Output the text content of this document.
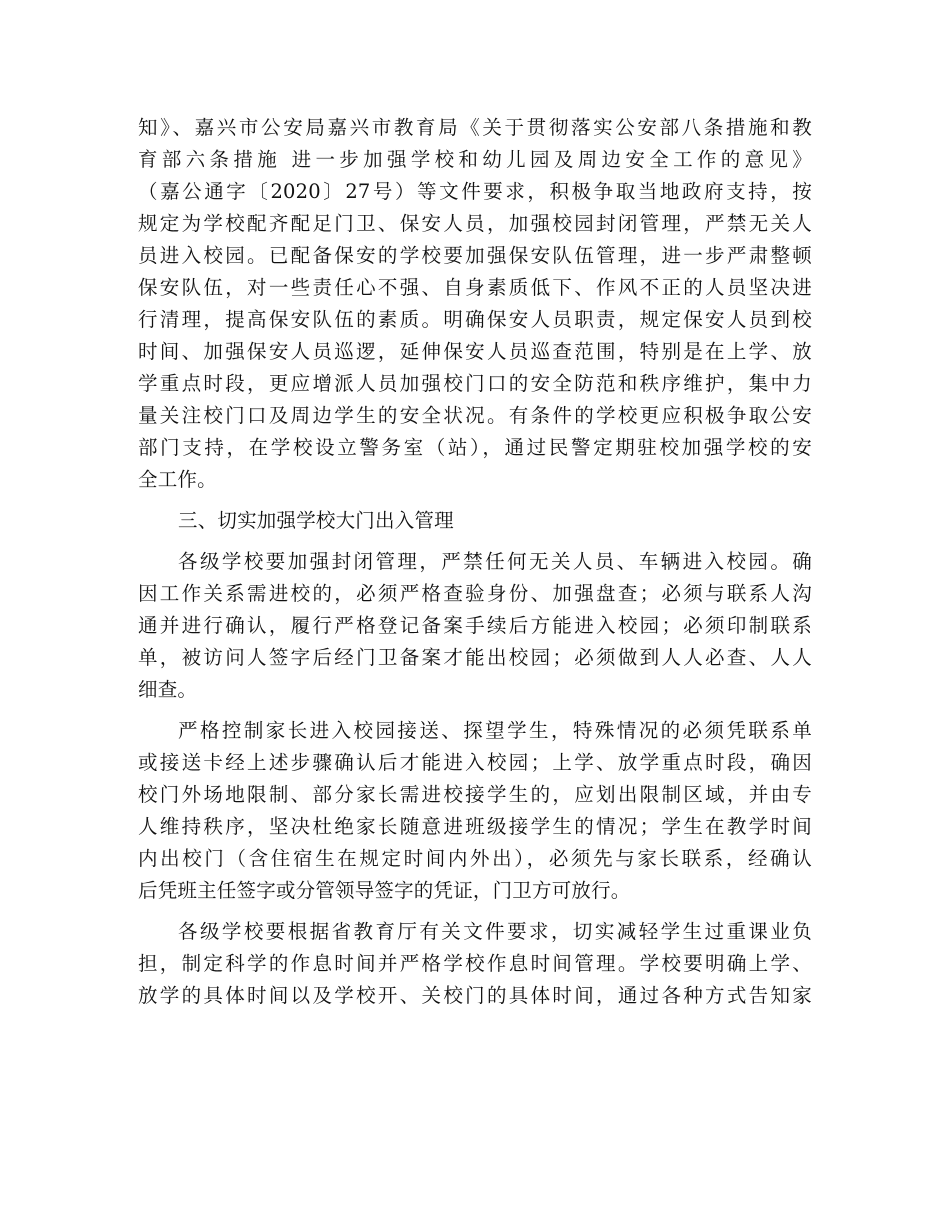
知》、嘉兴市公安局嘉兴市教育局《关于贯彻落实公安部八条措施和教
育部六条措施 进一步加强学校和幼儿园及周边安全工作的意见》
（嘉公通字〔2020〕27号）等文件要求，积极争取当地政府支持，按
规定为学校配齐配足门卫、保安人员，加强校园封闭管理，严禁无关人
员进入校园。已配备保安的学校要加强保安队伍管理，进一步严肃整顿
保安队伍，对一些责任心不强、自身素质低下、作风不正的人员坚决进
行清理，提高保安队伍的素质。明确保安人员职责，规定保安人员到校
时间、加强保安人员巡逻，延伸保安人员巡查范围，特别是在上学、放
学重点时段，更应增派人员加强校门口的安全防范和秩序维护，集中力
量关注校门口及周边学生的安全状况。有条件的学校更应积极争取公安
部门支持，在学校设立警务室（站），通过民警定期驻校加强学校的安
全工作。
三、切实加强学校大门出入管理
各级学校要加强封闭管理，严禁任何无关人员、车辆进入校园。确
因工作关系需进校的，必须严格查验身份、加强盘查；必须与联系人沟
通并进行确认，履行严格登记备案手续后方能进入校园；必须印制联系
单，被访问人签字后经门卫备案才能出校园；必须做到人人必查、人人
细查。
严格控制家长进入校园接送、探望学生，特殊情况的必须凭联系单
或接送卡经上述步骤确认后才能进入校园；上学、放学重点时段，确因
校门外场地限制、部分家长需进校接学生的，应划出限制区域，并由专
人维持秩序，坚决杜绝家长随意进班级接学生的情况；学生在教学时间
内出校门（含住宿生在规定时间内外出），必须先与家长联系，经确认
后凭班主任签字或分管领导签字的凭证，门卫方可放行。
各级学校要根据省教育厅有关文件要求，切实减轻学生过重课业负
担，制定科学的作息时间并严格学校作息时间管理。学校要明确上学、
放学的具体时间以及学校开、关校门的具体时间，通过各种方式告知家
